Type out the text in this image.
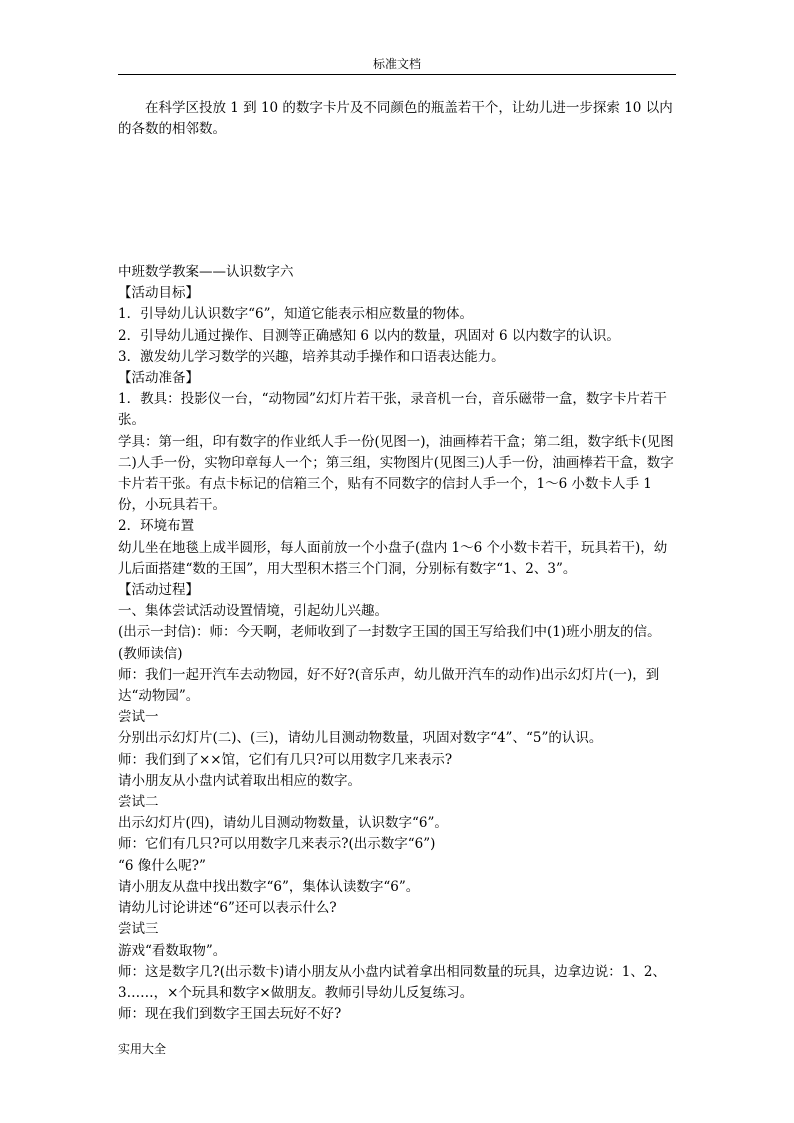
标准文档
在科学区投放 1 到 10 的数字卡片及不同颜色的瓶盖若干个，让幼儿进一步探索 10 以内的各数的相邻数。

中班数学教案——认识数字六

【活动目标】

1．引导幼儿认识数字“6”，知道它能表示相应数量的物体。

2．引导幼儿通过操作、目测等正确感知 6 以内的数量，巩固对 6 以内数字的认识。

3．激发幼儿学习数学的兴趣，培养其动手操作和口语表达能力。

【活动准备】

1．教具：投影仪一台，“动物园”幻灯片若干张，录音机一台，音乐磁带一盒，数字卡片若干张。

学具：第一组，印有数字的作业纸人手一份(见图一)，油画棒若干盒；第二组，数字纸卡(见图二)人手一份，实物印章每人一个；第三组，实物图片(见图三)人手一份，油画棒若干盒，数字卡片若干张。有点卡标记的信箱三个，贴有不同数字的信封人手一个，1～6 小数卡人手 1 份，小玩具若干。

2．环境布置

幼儿坐在地毯上成半圆形，每人面前放一个小盘子(盘内 1～6 个小数卡若干，玩具若干)，幼儿后面搭建“数的王国”，用大型积木搭三个门洞，分别标有数字“1、2、3”。

【活动过程】

一、集体尝试活动设置情境，引起幼儿兴趣。

(出示一封信)：师：今天啊，老师收到了一封数字王国的国王写给我们中(1)班小朋友的信。(教师读信)

师：我们一起开汽车去动物园，好不好?(音乐声，幼儿做开汽车的动作)出示幻灯片(一)，到达“动物园”。

尝试一

分别出示幻灯片(二)、(三)，请幼儿目测动物数量，巩固对数字“4”、“5”的认识。

师：我们到了××馆，它们有几只?可以用数字几来表示?

请小朋友从小盘内试着取出相应的数字。

尝试二

出示幻灯片(四)，请幼儿目测动物数量，认识数字“6”。

师：它们有几只?可以用数字几来表示?(出示数字“6”)

“6 像什么呢?”

请小朋友从盘中找出数字“6”，集体认读数字“6”。

请幼儿讨论讲述“6”还可以表示什么?

尝试三

游戏“看数取物”。

师：这是数字几?(出示数卡)请小朋友从小盘内试着拿出相同数量的玩具，边拿边说：1、2、3……，×个玩具和数字×做朋友。教师引导幼儿反复练习。

师：现在我们到数字王国去玩好不好?

实用大全
